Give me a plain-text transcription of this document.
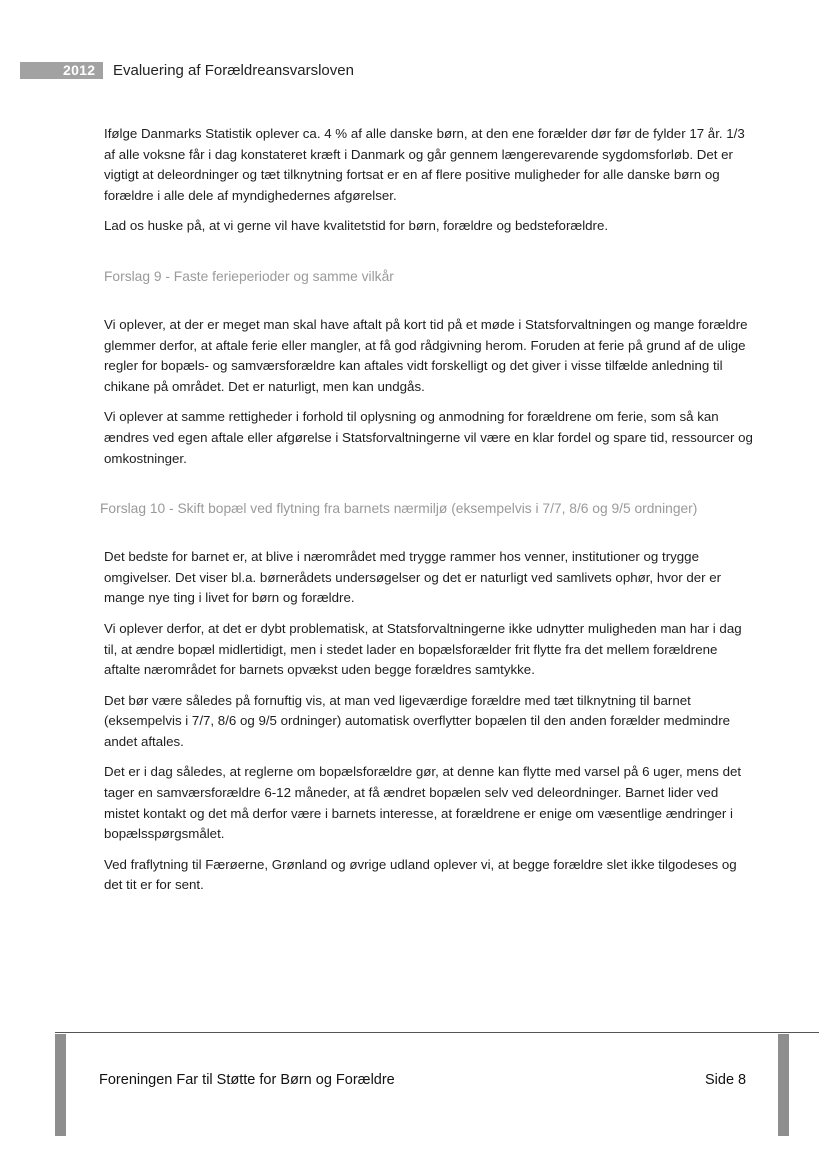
2012 Evaluering af Forældreansvarsloven

Ifølge Danmarks Statistik oplever ca. 4 % af alle danske børn, at den ene forælder dør før de fylder 17 år. 1/3 af alle voksne får i dag konstateret kræft i Danmark og går gennem længerevarende sygdomsforløb. Det er vigtigt at deleordninger og tæt tilknytning fortsat er en af flere positive muligheder for alle danske børn og forældre i alle dele af myndighedernes afgørelser.

Lad os huske på, at vi gerne vil have kvalitetstid for børn, forældre og bedsteforældre.

Forslag 9 - Faste ferieperioder og samme vilkår

Vi oplever, at der er meget man skal have aftalt på kort tid på et møde i Statsforvaltningen og mange forældre glemmer derfor, at aftale ferie eller mangler, at få god rådgivning herom. Foruden at ferie på grund af de ulige regler for bopæls- og samværsforældre kan aftales vidt forskelligt og det giver i visse tilfælde anledning til chikane på området. Det er naturligt, men kan undgås.

Vi oplever at samme rettigheder i forhold til oplysning og anmodning for forældrene om ferie, som så kan ændres ved egen aftale eller afgørelse i Statsforvaltningerne vil være en klar fordel og spare tid, ressourcer og omkostninger.

Forslag 10 - Skift bopæl ved flytning fra barnets nærmiljø (eksempelvis i 7/7, 8/6 og 9/5 ordninger)

Det bedste for barnet er, at blive i nærområdet med trygge rammer hos venner, institutioner og trygge omgivelser. Det viser bl.a. børnerådets undersøgelser og det er naturligt ved samlivets ophør, hvor der er mange nye ting i livet for børn og forældre.

Vi oplever derfor, at det er dybt problematisk, at Statsforvaltningerne ikke udnytter muligheden man har i dag til, at ændre bopæl midlertidigt, men i stedet lader en bopælsforælder frit flytte fra det mellem forældrene aftalte nærområdet for barnets opvækst uden begge forældres samtykke.

Det bør være således på fornuftig vis, at man ved ligeværdige forældre med tæt tilknytning til barnet (eksempelvis i 7/7, 8/6 og 9/5 ordninger) automatisk overflytter bopælen til den anden forælder medmindre andet aftales.

Det er i dag således, at reglerne om bopælsforældre gør, at denne kan flytte med varsel på 6 uger, mens det tager en samværsforældre 6-12 måneder, at få ændret bopælen selv ved deleordninger. Barnet lider ved mistet kontakt og det må derfor være i barnets interesse, at forældrene er enige om væsentlige ændringer i bopælsspørgsmålet.

Ved fraflytning til Færøerne, Grønland og øvrige udland oplever vi, at begge forældre slet ikke tilgodeses og det tit er for sent.

Foreningen Far til Støtte for Børn og Forældre	Side 8
